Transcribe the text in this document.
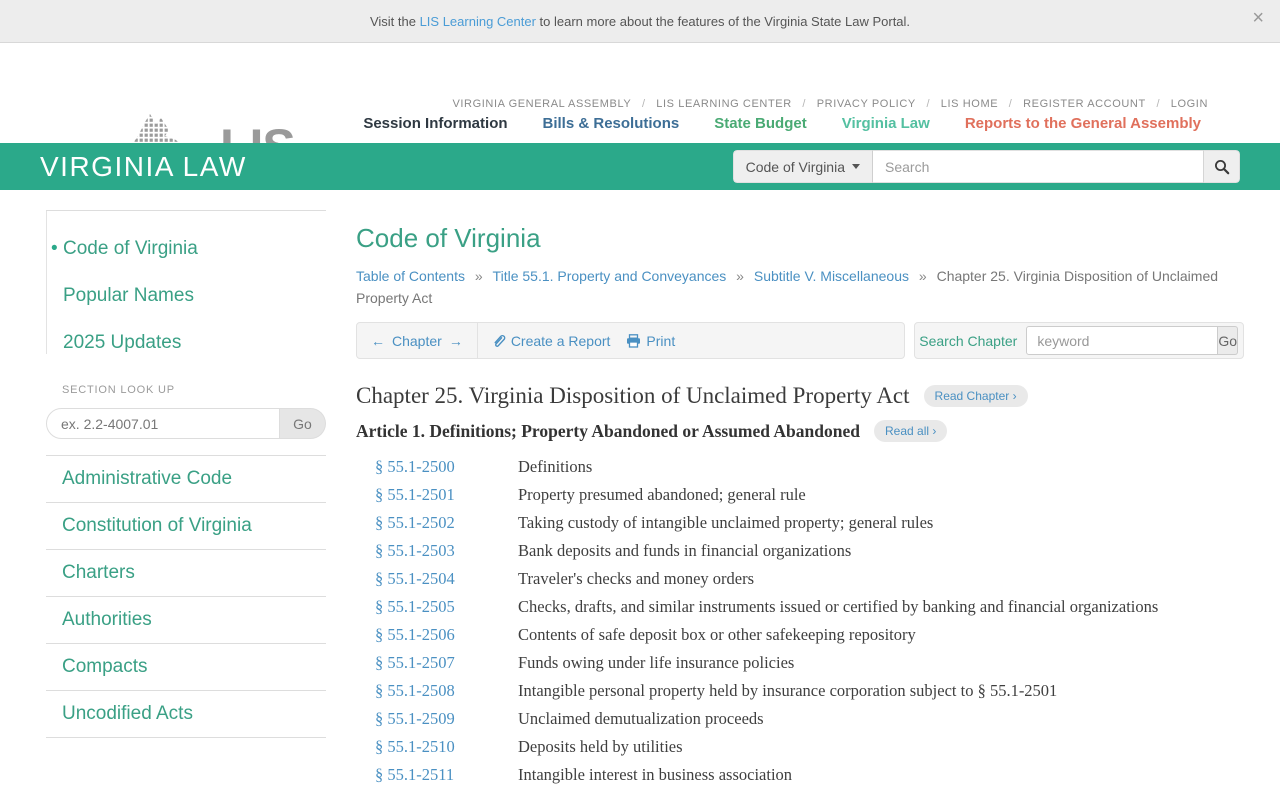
Visit the LIS Learning Center to learn more about the features of the Virginia State Law Portal.	×
VIRGINIA GENERAL ASSEMBLY / LIS LEARNING CENTER / PRIVACY POLICY / LIS HOME / REGISTER ACCOUNT / LOGIN
Session Information Bills & Resolutions State Budget Virginia Law Reports to the General Assembly
VIRGINIA LAW	Code of Virginia
Search
• Code of Virginia
Popular Names
2025 Updates
SECTION LOOK UP
ex. 2.2-4007.01
Go
Administrative Code
Constitution of Virginia
Charters
Authorities
Compacts
Uncodified Acts
Code of Virginia

Table of Contents » Title 55.1. Property and Conveyances » Subtitle V. Miscellaneous » Chapter 25. Virginia Disposition of Unclaimed Property Act

← Chapter →	Create a Report	Print	Search Chapter
keyword	Go
Chapter 25. Virginia Disposition of Unclaimed Property Act	Read Chapter ›
Article 1. Definitions; Property Abandoned or Assumed Abandoned	Read all ›
§ 55.1-2500	Definitions
§ 55.1-2501	Property presumed abandoned; general rule
§ 55.1-2502	Taking custody of intangible unclaimed property; general rules
§ 55.1-2503	Bank deposits and funds in financial organizations
§ 55.1-2504	Traveler's checks and money orders
§ 55.1-2505	Checks, drafts, and similar instruments issued or certified by banking and financial organizations
§ 55.1-2506	Contents of safe deposit box or other safekeeping repository
§ 55.1-2507	Funds owing under life insurance policies
§ 55.1-2508	Intangible personal property held by insurance corporation subject to § 55.1-2501
§ 55.1-2509	Unclaimed demutualization proceeds
§ 55.1-2510	Deposits held by utilities
§ 55.1-2511	Intangible interest in business association
